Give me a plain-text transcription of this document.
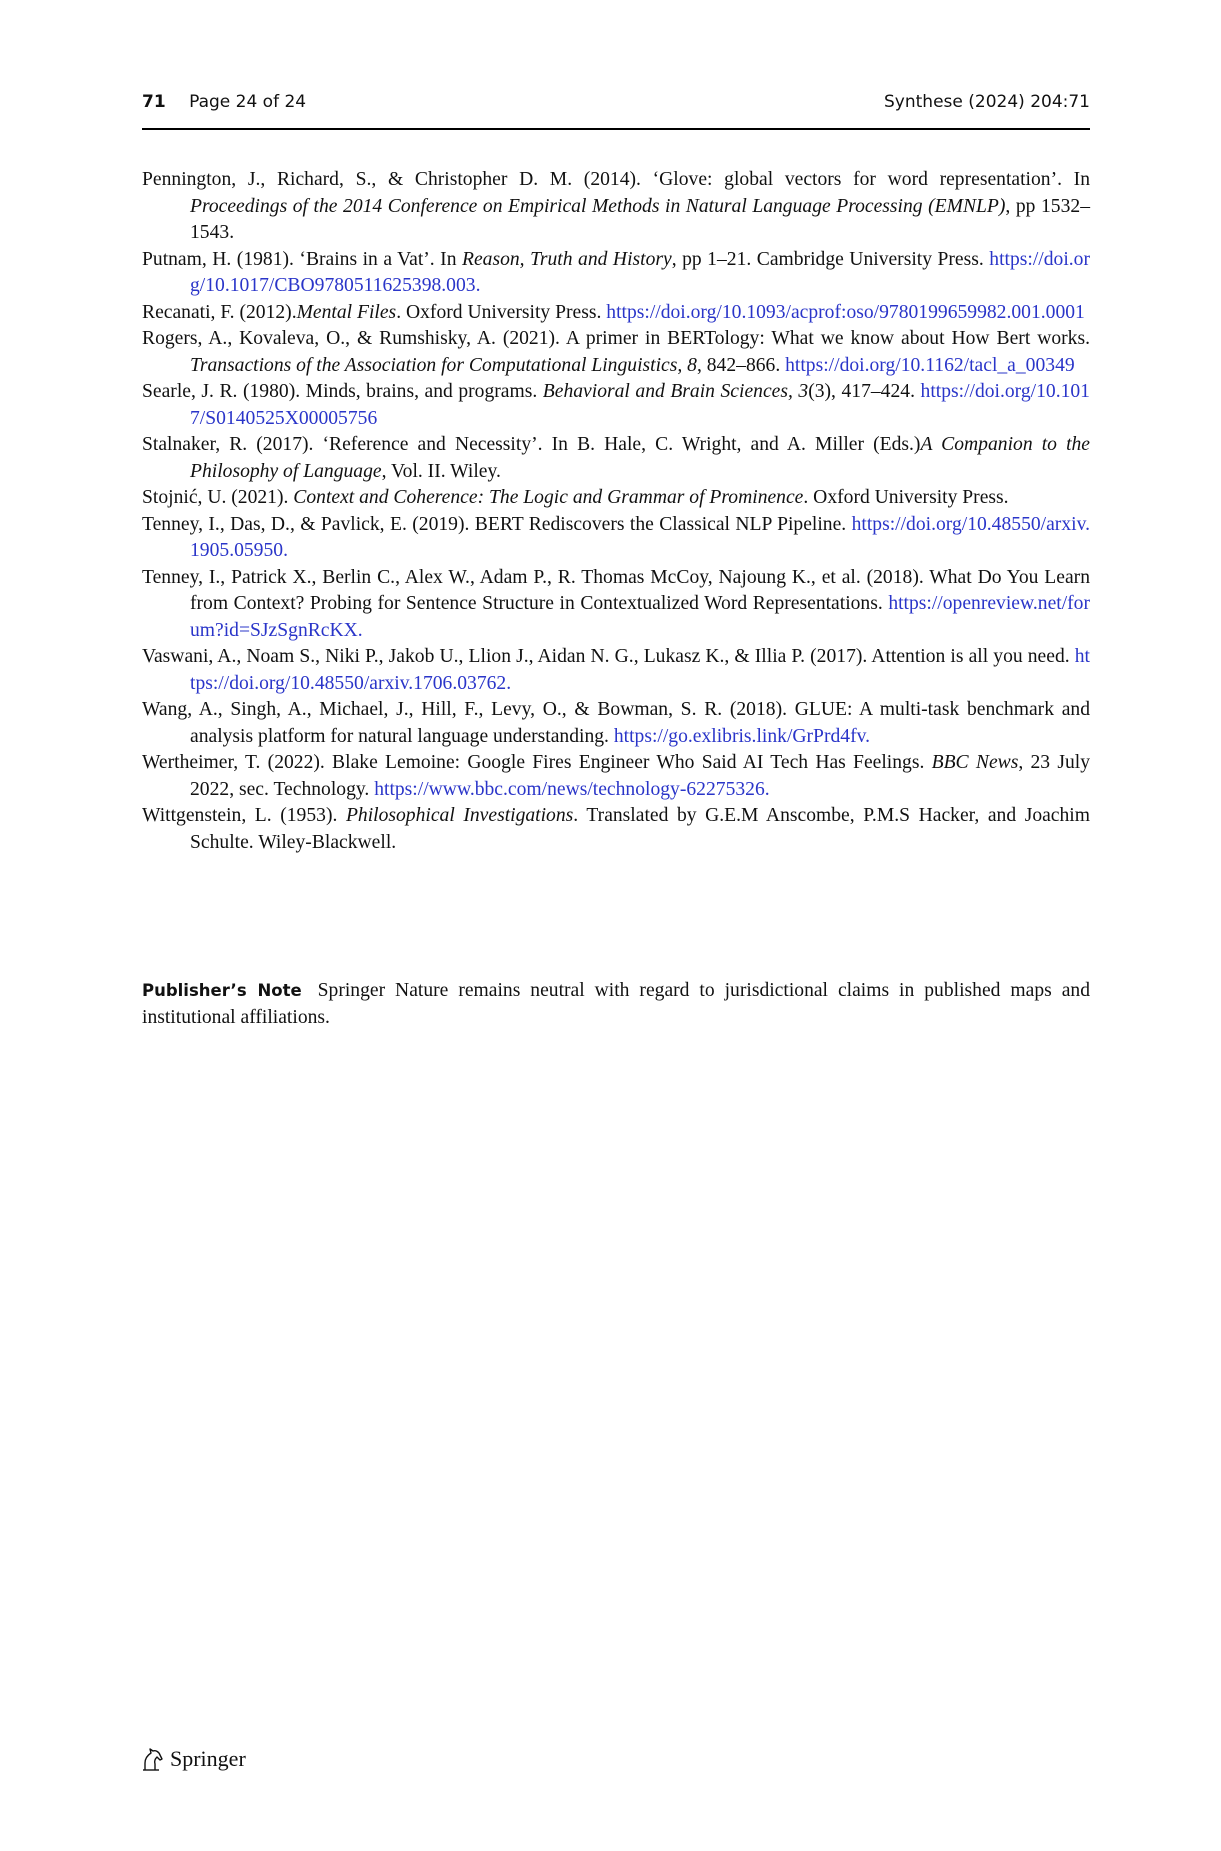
71 Page 24 of 24	Synthese (2024) 204:71
Pennington, J., Richard, S., & Christopher D. M. (2014). ‘Glove: global vectors for word representation’. In Proceedings of the 2014 Conference on Empirical Methods in Natural Language Processing (EMNLP), pp 1532–1543.
Putnam, H. (1981). ‘Brains in a Vat’. In Reason, Truth and History, pp 1–21. Cambridge University Press. https://doi.org/10.1017/CBO9780511625398.003.
Recanati, F. (2012).Mental Files. Oxford University Press. https://doi.org/10.1093/acprof:oso/9780199659982.001.0001
Rogers, A., Kovaleva, O., & Rumshisky, A. (2021). A primer in BERTology: What we know about How Bert works. Transactions of the Association for Computational Linguistics, 8, 842–866. https://doi.org/10.1162/tacl_a_00349
Searle, J. R. (1980). Minds, brains, and programs. Behavioral and Brain Sciences, 3(3), 417–424. https://doi.org/10.1017/S0140525X00005756
Stalnaker, R. (2017). ‘Reference and Necessity’. In B. Hale, C. Wright, and A. Miller (Eds.)A Companion to the Philosophy of Language, Vol. II. Wiley.
Stojnić, U. (2021). Context and Coherence: The Logic and Grammar of Prominence. Oxford University Press.
Tenney, I., Das, D., & Pavlick, E. (2019). BERT Rediscovers the Classical NLP Pipeline. https://doi.org/10.48550/arxiv.1905.05950.
Tenney, I., Patrick X., Berlin C., Alex W., Adam P., R. Thomas McCoy, Najoung K., et al. (2018). What Do You Learn from Context? Probing for Sentence Structure in Contextualized Word Representations. https://openreview.net/forum?id=SJzSgnRcKX.
Vaswani, A., Noam S., Niki P., Jakob U., Llion J., Aidan N. G., Lukasz K., & Illia P. (2017). Attention is all you need. https://doi.org/10.48550/arxiv.1706.03762.
Wang, A., Singh, A., Michael, J., Hill, F., Levy, O., & Bowman, S. R. (2018). GLUE: A multi-task benchmark and analysis platform for natural language understanding. https://go.exlibris.link/GrPrd4fv.
Wertheimer, T. (2022). Blake Lemoine: Google Fires Engineer Who Said AI Tech Has Feelings. BBC News, 23 July 2022, sec. Technology. https://www.bbc.com/news/technology-62275326.
Wittgenstein, L. (1953). Philosophical Investigations. Translated by G.E.M Anscombe, P.M.S Hacker, and Joachim Schulte. Wiley-Blackwell.
Publisher’s Note Springer Nature remains neutral with regard to jurisdictional claims in published maps and institutional affiliations.
Springer
